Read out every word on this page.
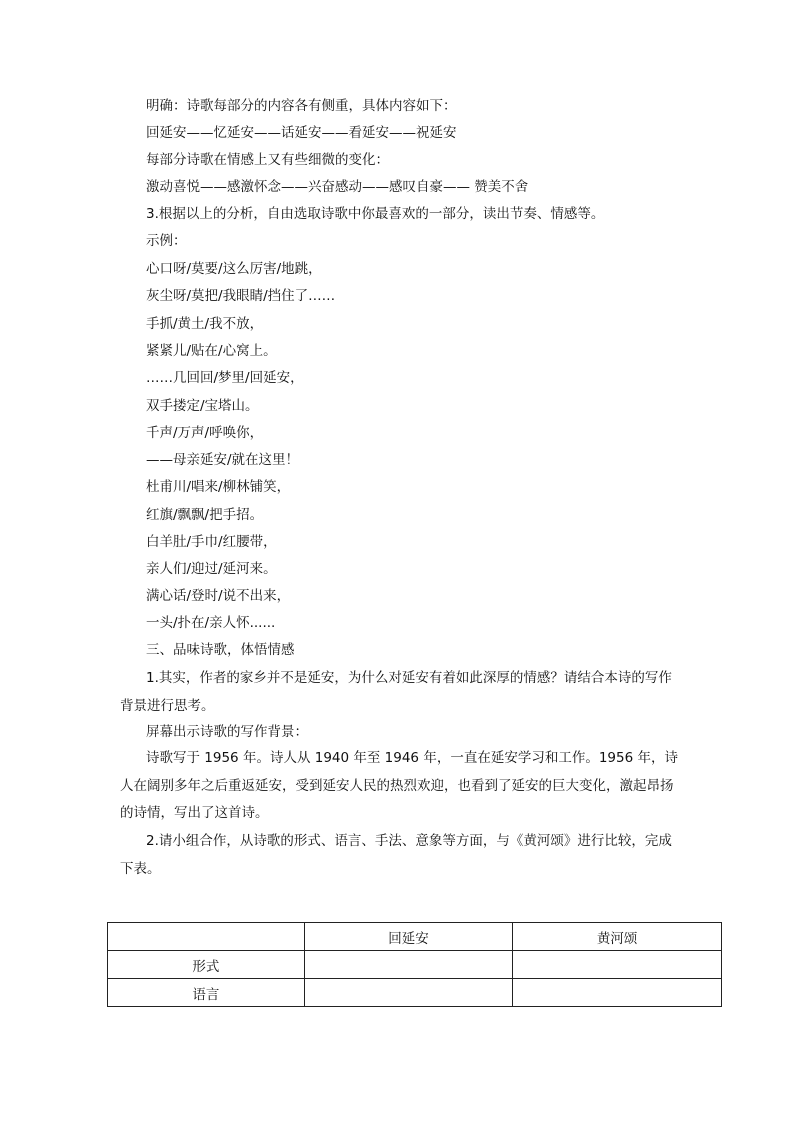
明确：诗歌每部分的内容各有侧重，具体内容如下：
回延安——忆延安——话延安——看延安——祝延安
每部分诗歌在情感上又有些细微的变化：
激动喜悦——感激怀念——兴奋感动——感叹自豪—— 赞美不舍
3.根据以上的分析，自由选取诗歌中你最喜欢的一部分，读出节奏、情感等。
示例：
心口呀/莫要/这么厉害/地跳，
灰尘呀/莫把/我眼睛/挡住了……
手抓/黄土/我不放，
紧紧儿/贴在/心窝上。
……几回回/梦里/回延安，
双手搂定/宝塔山。
千声/万声/呼唤你，
——母亲延安/就在这里！
杜甫川/唱来/柳林铺笑，
红旗/飘飘/把手招。
白羊肚/手巾/红腰带，
亲人们/迎过/延河来。
满心话/登时/说不出来，
一头/扑在/亲人怀......
三、品味诗歌，体悟情感
1.其实，作者的家乡并不是延安，为什么对延安有着如此深厚的情感？请结合本诗的写作背景进行思考。
屏幕出示诗歌的写作背景：
诗歌写于 1956 年。诗人从 1940 年至 1946 年，一直在延安学习和工作。1956 年，诗人在阔别多年之后重返延安，受到延安人民的热烈欢迎，也看到了延安的巨大变化，激起昂扬的诗情，写出了这首诗。
2.请小组合作，从诗歌的形式、语言、手法、意象等方面，与《黄河颂》进行比较，完成下表。
	回延安	黄河颂
形式		
语言		
